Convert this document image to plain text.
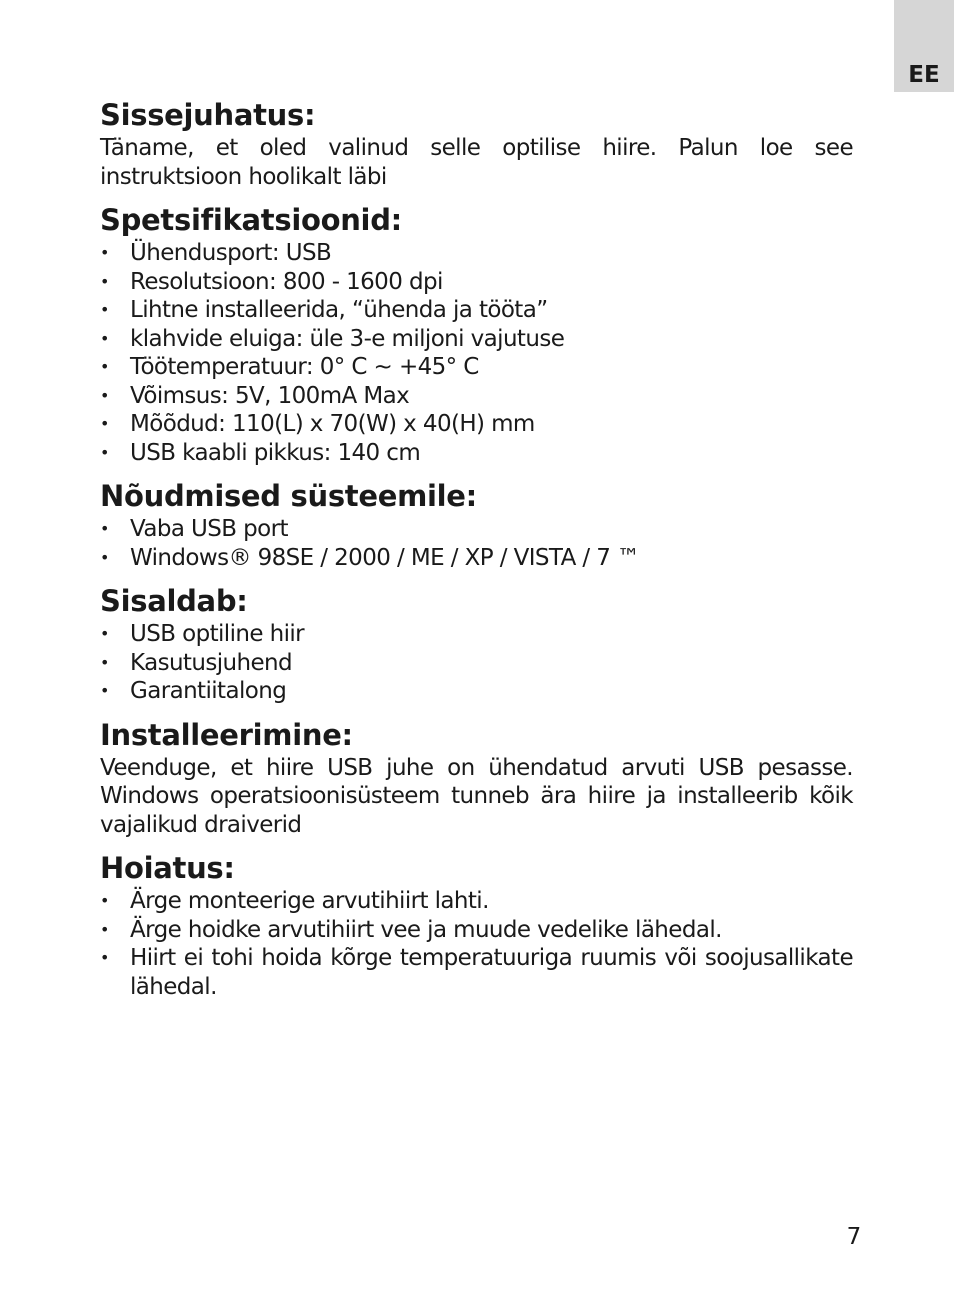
EE
Sissejuhatus:

Täname, et oled valinud selle optilise hiire. Palun loe see instruktsioon hoolikalt läbi

Spetsifikatsioonid:
• Ühendusport: USB
• Resolutsioon: 800 - 1600 dpi
• Lihtne installeerida, “ühenda ja tööta”
• klahvide eluiga: üle 3-e miljoni vajutuse
• Töötemperatuur: 0° C ~ +45° C
• Võimsus: 5V, 100mA Max
• Mõõdud: 110(L) x 70(W) x 40(H) mm
• USB kaabli pikkus: 140 cm
Nõudmised süsteemile:
• Vaba USB port
• Windows® 98SE / 2000 / ME / XP / VISTA / 7 ™
Sisaldab:
• USB optiline hiir
• Kasutusjuhend
• Garantiitalong
Installeerimine:

Veenduge, et hiire USB juhe on ühendatud arvuti USB pesasse. Windows operatsioonisüsteem tunneb ära hiire ja installeerib kõik vajalikud draiverid

Hoiatus:
• Ärge monteerige arvutihiirt lahti.
• Ärge hoidke arvutihiirt vee ja muude vedelike lähedal.
• Hiirt ei tohi hoida kõrge temperatuuriga ruumis või soojusallikate lähedal.
7
